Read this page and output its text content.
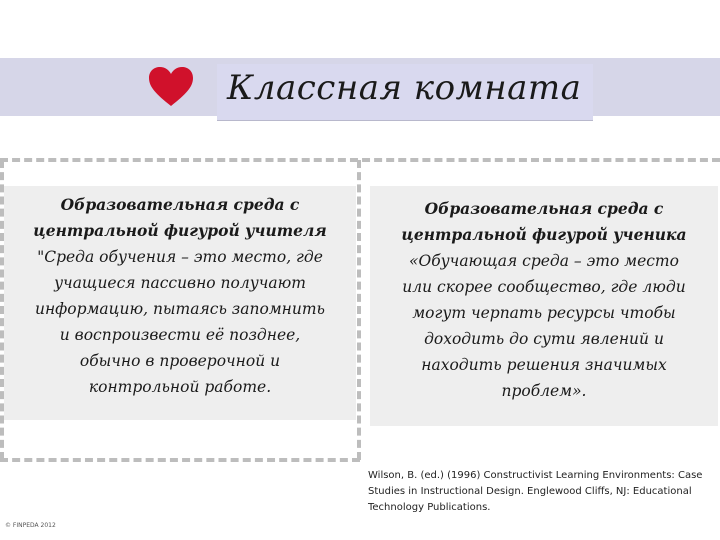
Классная комната
Образовательная среда с
центральной фигурой учителя
"Среда обучения – это место, где
учащиеся пассивно получают
информацию, пытаясь запомнить
и воспроизвести её позднее,
обычно в проверочной и
контрольной работе.
Образовательная среда с
центральной фигурой ученика
«Обучающая среда – это место
или скорее сообщество, где люди
могут черпать ресурсы чтобы
доходить до сути явлений и
находить решения значимых
проблем».
Wilson, B. (ed.) (1996) Constructivist Learning Environments: Case
Studies in Instructional Design. Englewood Cliffs, NJ: Educational
Technology Publications.
© FINPEDA 2012
